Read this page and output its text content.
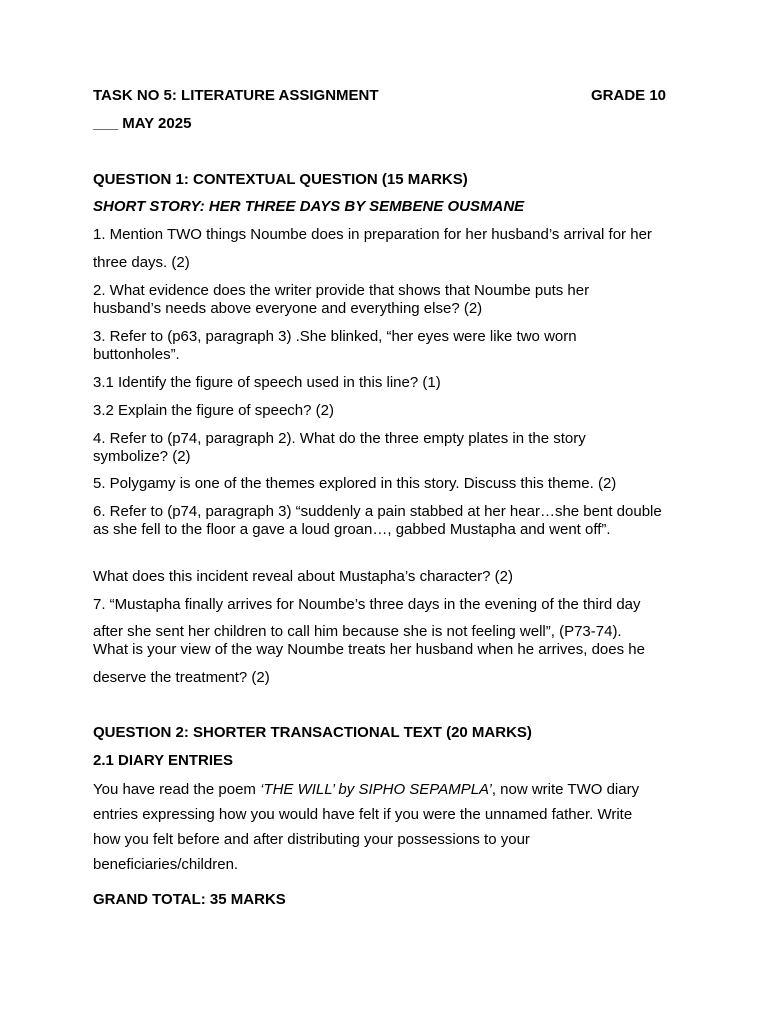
TASK NO 5: LITERATURE ASSIGNMENT	GRADE 10
___ MAY 2025
QUESTION 1: CONTEXTUAL QUESTION (15 MARKS)
SHORT STORY: HER THREE DAYS BY SEMBENE OUSMANE
1. Mention TWO things Noumbe does in preparation for her husband’s arrival for her
three days. (2)
2. What evidence does the writer provide that shows that Noumbe puts her husband’s needs above everyone and everything else? (2)
3. Refer to (p63, paragraph 3) .She blinked, “her eyes were like two worn buttonholes”.
3.1 Identify the figure of speech used in this line? (1)
3.2 Explain the figure of speech? (2)
4. Refer to (p74, paragraph 2). What do the three empty plates in the story symbolize? (2)
5. Polygamy is one of the themes explored in this story. Discuss this theme. (2)
6. Refer to (p74, paragraph 3) “suddenly a pain stabbed at her hear…she bent double as she fell to the floor a gave a loud groan…, gabbed Mustapha and went off”.
What does this incident reveal about Mustapha’s character? (2)
7. “Mustapha finally arrives for Noumbe’s three days in the evening of the third day
after she sent her children to call him because she is not feeling well”, (P73-74).
What is your view of the way Noumbe treats her husband when he arrives, does he
deserve the treatment? (2)
QUESTION 2: SHORTER TRANSACTIONAL TEXT (20 MARKS)
2.1 DIARY ENTRIES
You have read the poem ‘THE WILL’ by SIPHO SEPAMPLA’, now write TWO diary
entries expressing how you would have felt if you were the unnamed father. Write
how you felt before and after distributing your possessions to your
beneficiaries/children.
GRAND TOTAL: 35 MARKS
